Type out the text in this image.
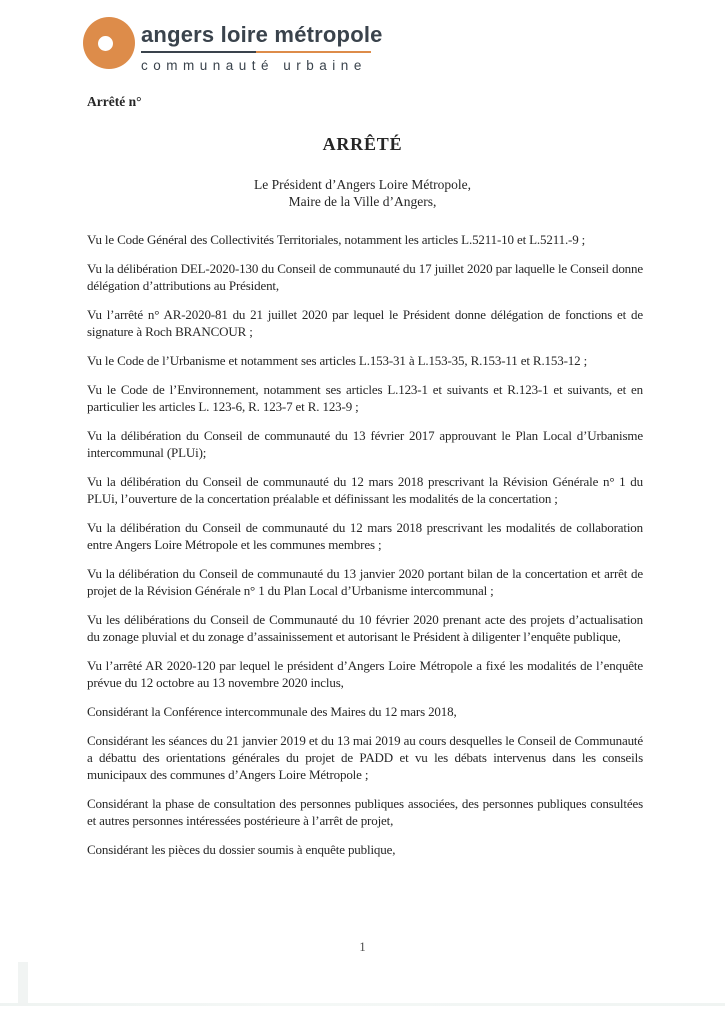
angers loire métropole
communauté urbaine
Arrêté n°
ARRÊTÉ
Le Président d’Angers Loire Métropole,
Maire de la Ville d’Angers,

Vu le Code Général des Collectivités Territoriales, notamment les articles L.5211-10 et L.5211.-9 ;

Vu la délibération DEL-2020-130 du Conseil de communauté du 17 juillet 2020 par laquelle le Conseil donne délégation d’attributions au Président,

Vu l’arrêté n° AR-2020-81 du 21 juillet 2020 par lequel le Président donne délégation de fonctions et de signature à Roch BRANCOUR ;

Vu le Code de l’Urbanisme et notamment ses articles L.153-31 à L.153-35, R.153-11 et R.153-12 ;

Vu le Code de l’Environnement, notamment ses articles L.123-1 et suivants et R.123-1 et suivants, et en particulier les articles L. 123-6, R. 123-7 et R. 123-9 ;

Vu la délibération du Conseil de communauté du 13 février 2017 approuvant le Plan Local d’Urbanisme intercommunal (PLUi);

Vu la délibération du Conseil de communauté du 12 mars 2018 prescrivant la Révision Générale n° 1 du PLUi, l’ouverture de la concertation préalable et définissant les modalités de la concertation ;

Vu la délibération du Conseil de communauté du 12 mars 2018 prescrivant les modalités de collaboration entre Angers Loire Métropole et les communes membres ;

Vu la délibération du Conseil de communauté du 13 janvier 2020 portant bilan de la concertation et arrêt de projet de la Révision Générale n° 1 du Plan Local d’Urbanisme intercommunal ;

Vu les délibérations du Conseil de Communauté du 10 février 2020 prenant acte des projets d’actualisation du zonage pluvial et du zonage d’assainissement et autorisant le Président à diligenter l’enquête publique,

Vu l’arrêté AR 2020-120 par lequel le président d’Angers Loire Métropole a fixé les modalités de l’enquête prévue du 12 octobre au 13 novembre 2020 inclus,

Considérant la Conférence intercommunale des Maires du 12 mars 2018,

Considérant les séances du 21 janvier 2019 et du 13 mai 2019 au cours desquelles le Conseil de Communauté a débattu des orientations générales du projet de PADD et vu les débats intervenus dans les conseils municipaux des communes d’Angers Loire Métropole ;

Considérant la phase de consultation des personnes publiques associées, des personnes publiques consultées et autres personnes intéressées postérieure à l’arrêt de projet,

Considérant les pièces du dossier soumis à enquête publique,

1
